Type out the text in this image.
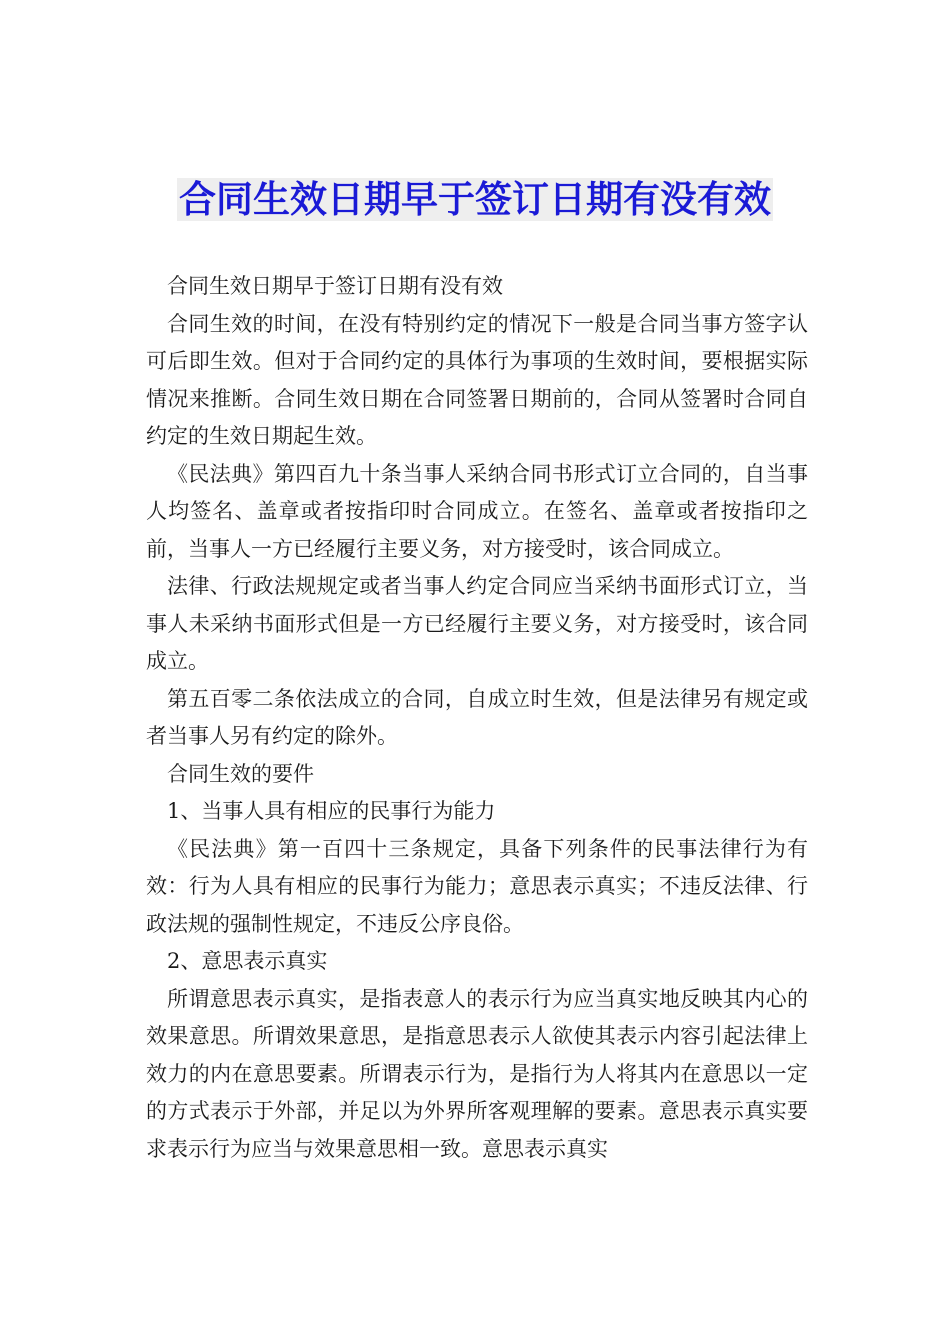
合同生效日期早于签订日期有没有效

合同生效日期早于签订日期有没有效

合同生效的时间，在没有特别约定的情况下一般是合同当事方签字认可后即生效。但对于合同约定的具体行为事项的生效时间，要根据实际情况来推断。合同生效日期在合同签署日期前的，合同从签署时合同自约定的生效日期起生效。

《民法典》第四百九十条当事人采纳合同书形式订立合同的，自当事人均签名、盖章或者按指印时合同成立。在签名、盖章或者按指印之前，当事人一方已经履行主要义务，对方接受时，该合同成立。

法律、行政法规规定或者当事人约定合同应当采纳书面形式订立，当事人未采纳书面形式但是一方已经履行主要义务，对方接受时，该合同成立。

第五百零二条依法成立的合同，自成立时生效，但是法律另有规定或者当事人另有约定的除外。

合同生效的要件

1、当事人具有相应的民事行为能力

《民法典》第一百四十三条规定，具备下列条件的民事法律行为有效：行为人具有相应的民事行为能力；意思表示真实；不违反法律、行政法规的强制性规定，不违反公序良俗。

2、意思表示真实

所谓意思表示真实，是指表意人的表示行为应当真实地反映其内心的效果意思。所谓效果意思，是指意思表示人欲使其表示内容引起法律上效力的内在意思要素。所谓表示行为，是指行为人将其内在意思以一定的方式表示于外部，并足以为外界所客观理解的要素。意思表示真实要求表示行为应当与效果意思相一致。意思表示真实
